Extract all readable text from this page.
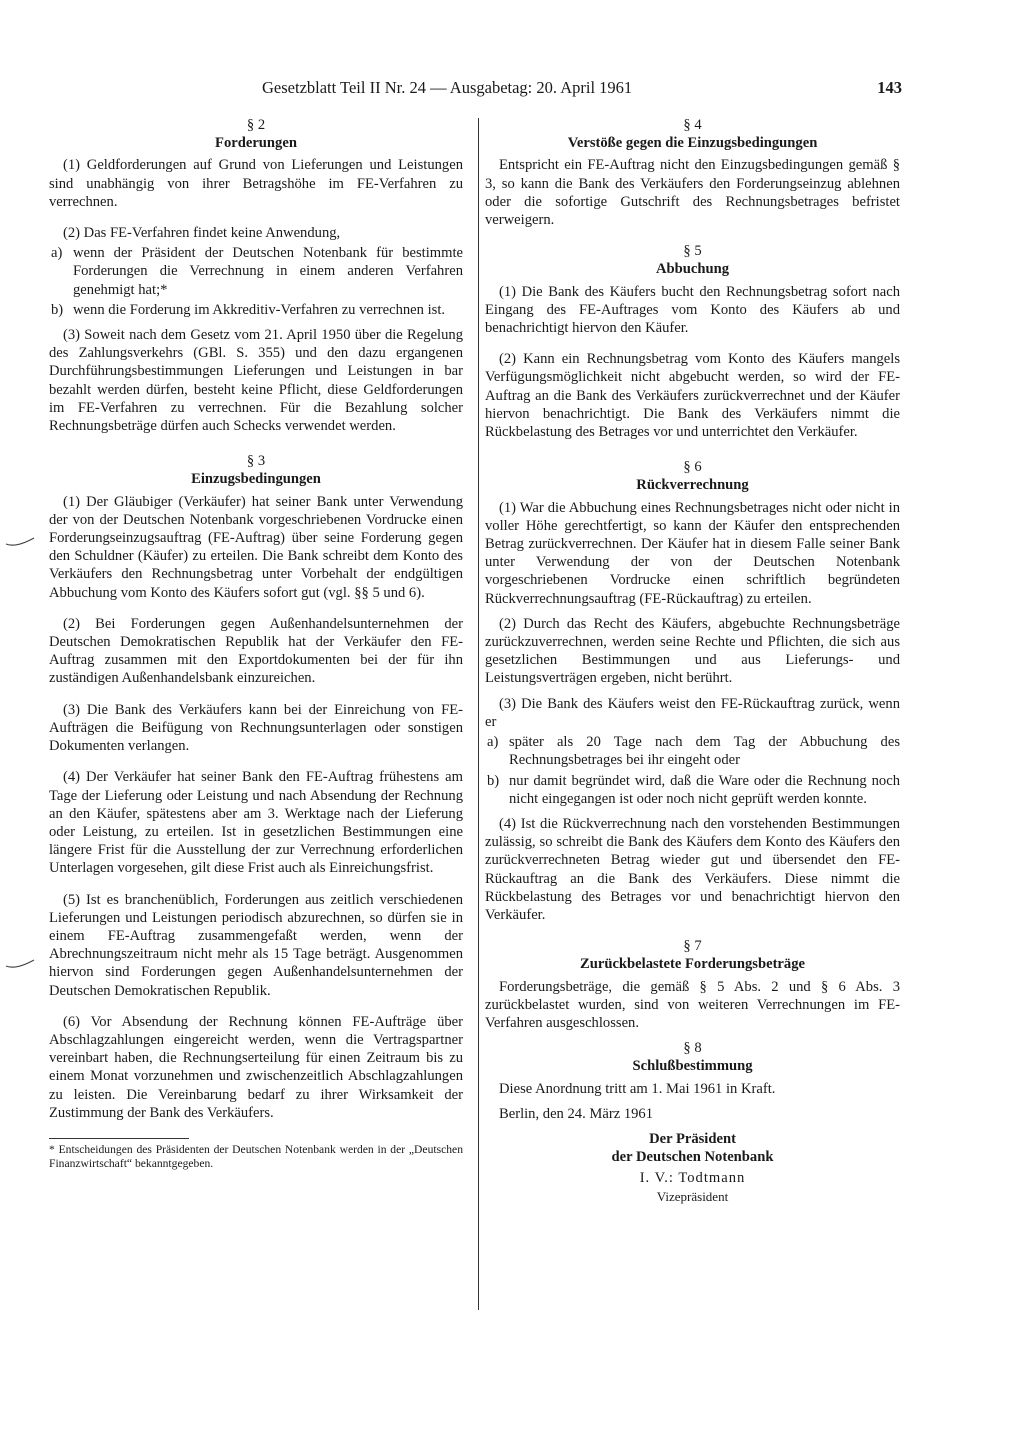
Gesetzblatt Teil II Nr. 24 — Ausgabetag: 20. April 1961	143
§ 2
Forderungen

(1) Geldforderungen auf Grund von Lieferungen und Leistungen sind unabhängig von ihrer Betragshöhe im FE-Verfahren zu verrechnen.

(2) Das FE-Verfahren findet keine Anwendung,

a) wenn der Präsident der Deutschen Notenbank für bestimmte Forderungen die Verrechnung in einem anderen Verfahren genehmigt hat;*
b) wenn die Forderung im Akkreditiv-Verfahren zu verrechnen ist.

(3) Soweit nach dem Gesetz vom 21. April 1950 über die Regelung des Zahlungsverkehrs (GBl. S. 355) und den dazu ergangenen Durchführungsbestimmungen Lieferungen und Leistungen in bar bezahlt werden dürfen, besteht keine Pflicht, diese Geldforderungen im FE-Verfahren zu verrechnen. Für die Bezahlung solcher Rechnungsbeträge dürfen auch Schecks verwendet werden.

§ 3
Einzugsbedingungen

(1) Der Gläubiger (Verkäufer) hat seiner Bank unter Verwendung der von der Deutschen Notenbank vorgeschriebenen Vordrucke einen Forderungseinzugsauftrag (FE-Auftrag) über seine Forderung gegen den Schuldner (Käufer) zu erteilen. Die Bank schreibt dem Konto des Verkäufers den Rechnungsbetrag unter Vorbehalt der endgültigen Abbuchung vom Konto des Käufers sofort gut (vgl. §§ 5 und 6).

(2) Bei Forderungen gegen Außenhandelsunternehmen der Deutschen Demokratischen Republik hat der Verkäufer den FE-Auftrag zusammen mit den Exportdokumenten bei der für ihn zuständigen Außenhandelsbank einzureichen.

(3) Die Bank des Verkäufers kann bei der Einreichung von FE-Aufträgen die Beifügung von Rechnungsunterlagen oder sonstigen Dokumenten verlangen.

(4) Der Verkäufer hat seiner Bank den FE-Auftrag frühestens am Tage der Lieferung oder Leistung und nach Absendung der Rechnung an den Käufer, spätestens aber am 3. Werktage nach der Lieferung oder Leistung, zu erteilen. Ist in gesetzlichen Bestimmungen eine längere Frist für die Ausstellung der zur Verrechnung erforderlichen Unterlagen vorgesehen, gilt diese Frist auch als Einreichungsfrist.

(5) Ist es branchenüblich, Forderungen aus zeitlich verschiedenen Lieferungen und Leistungen periodisch abzurechnen, so dürfen sie in einem FE-Auftrag zusammengefaßt werden, wenn der Abrechnungszeitraum nicht mehr als 15 Tage beträgt. Ausgenommen hiervon sind Forderungen gegen Außenhandelsunternehmen der Deutschen Demokratischen Republik.

(6) Vor Absendung der Rechnung können FE-Aufträge über Abschlagzahlungen eingereicht werden, wenn die Vertragspartner vereinbart haben, die Rechnungserteilung für einen Zeitraum bis zu einem Monat vorzunehmen und zwischenzeitlich Abschlagzahlungen zu leisten. Die Vereinbarung bedarf zu ihrer Wirksamkeit der Zustimmung der Bank des Verkäufers.

* Entscheidungen des Präsidenten der Deutschen Notenbank werden in der „Deutschen Finanzwirtschaft“ bekanntgegeben.

§ 4
Verstöße gegen die Einzugsbedingungen

Entspricht ein FE-Auftrag nicht den Einzugsbedingungen gemäß § 3, so kann die Bank des Verkäufers den Forderungseinzug ablehnen oder die sofortige Gutschrift des Rechnungsbetrages befristet verweigern.

§ 5
Abbuchung

(1) Die Bank des Käufers bucht den Rechnungsbetrag sofort nach Eingang des FE-Auftrages vom Konto des Käufers ab und benachrichtigt hiervon den Käufer.

(2) Kann ein Rechnungsbetrag vom Konto des Käufers mangels Verfügungsmöglichkeit nicht abgebucht werden, so wird der FE-Auftrag an die Bank des Verkäufers zurückverrechnet und der Käufer hiervon benachrichtigt. Die Bank des Verkäufers nimmt die Rückbelastung des Betrages vor und unterrichtet den Verkäufer.

§ 6
Rückverrechnung

(1) War die Abbuchung eines Rechnungsbetrages nicht oder nicht in voller Höhe gerechtfertigt, so kann der Käufer den entsprechenden Betrag zurückverrechnen. Der Käufer hat in diesem Falle seiner Bank unter Verwendung der von der Deutschen Notenbank vorgeschriebenen Vordrucke einen schriftlich begründeten Rückverrechnungsauftrag (FE-Rückauftrag) zu erteilen.

(2) Durch das Recht des Käufers, abgebuchte Rechnungsbeträge zurückzuverrechnen, werden seine Rechte und Pflichten, die sich aus gesetzlichen Bestimmungen und aus Lieferungs- und Leistungsverträgen ergeben, nicht berührt.

(3) Die Bank des Käufers weist den FE-Rückauftrag zurück, wenn er

a) später als 20 Tage nach dem Tag der Abbuchung des Rechnungsbetrages bei ihr eingeht oder
b) nur damit begründet wird, daß die Ware oder die Rechnung noch nicht eingegangen ist oder noch nicht geprüft werden konnte.

(4) Ist die Rückverrechnung nach den vorstehenden Bestimmungen zulässig, so schreibt die Bank des Käufers dem Konto des Käufers den zurückverrechneten Betrag wieder gut und übersendet den FE-Rückauftrag an die Bank des Verkäufers. Diese nimmt die Rückbelastung des Betrages vor und benachrichtigt hiervon den Verkäufer.

§ 7
Zurückbelastete Forderungsbeträge

Forderungsbeträge, die gemäß § 5 Abs. 2 und § 6 Abs. 3 zurückbelastet wurden, sind von weiteren Verrechnungen im FE-Verfahren ausgeschlossen.

§ 8
Schlußbestimmung

Diese Anordnung tritt am 1. Mai 1961 in Kraft.

Berlin, den 24. März 1961

Der Präsident
der Deutschen Notenbank
I. V.: Todtmann
Vizepräsident
